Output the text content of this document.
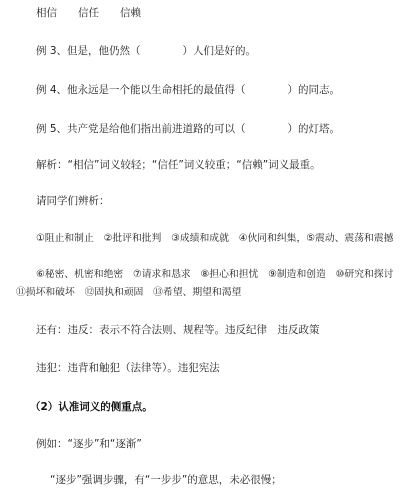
相信　　信任　　信赖
例 3、但是，他仍然（　　　　）人们是好的。
例 4、他永远是一个能以生命相托的最值得（　　　　）的同志。
例 5、共产党是给他们指出前进道路的可以（　　　　）的灯塔。
解析：“相信”词义较轻；“信任”词义较重；“信赖”词义最重。
请同学们辨析：
①阻止和制止　②批评和批判　③成绩和成就　④伙同和纠集，⑤震动、震荡和震撼
⑥秘密、机密和绝密　⑦请求和恳求　⑧担心和担忧　⑨制造和创造　⑩研究和探讨
⑪损坏和破坏　⑫固执和顽固　⑬希望、期望和渴望
还有：违反：表示不符合法则、规程等。违反纪律　违反政策
违犯：违背和触犯（法律等）。违犯宪法
（2）认准词义的侧重点。
例如：“逐步”和“逐渐”
“逐步”强调步骤，有“一步步”的意思，未必很慢；
